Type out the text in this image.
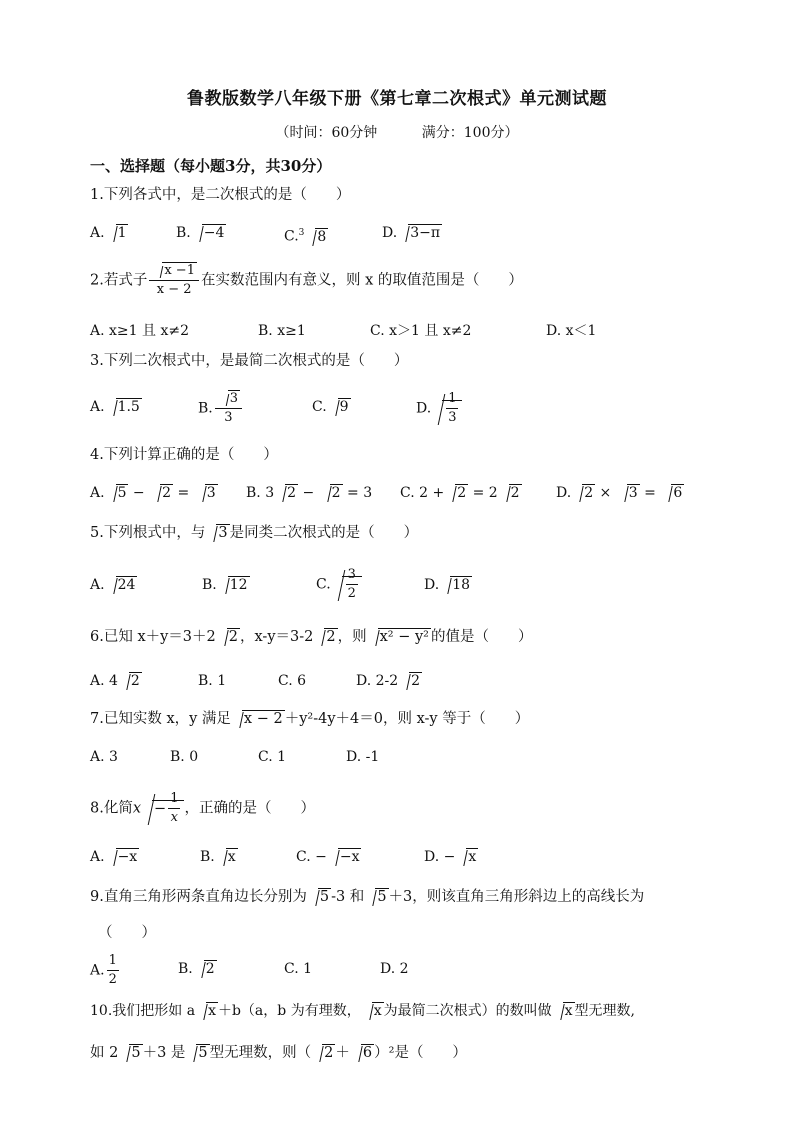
鲁教版数学八年级下册《第七章二次根式》单元测试题
（时间：60分钟	满分：100分）
一、选择题（每小题3分，共30分）
1.下列各式中，是二次根式的是（　　）
A. 1	B. −4	C.$^3$ 8	D. 3−π
2.若式子 $\frac{x -1}{x - 2}$ 在实数范围内有意义，则 x 的取值范围是（　　）
A. x≥1 且 x≠2	B. x≥1	C. x＞1 且 x≠2	D. x＜1
3.下列二次根式中，是最简二次根式的是（　　）
A. 1.5	B. $\frac{3}{3}$	C. 9	D. $\frac{1}{3}$
4.下列计算正确的是（　　）
A. 5 − 2 = 3 B. 3 2 − 2 = 3 C. 2 + 2 = 2 2	D. 2 × 3 = 6
5.下列根式中，与 3 是同类二次根式的是（　　）
A. 24	B. 12	C. $\frac{3}{2}$	D. 18
6.已知 x＋y＝3＋2 2 ，x-y＝3-2 2 ，则 x² − y² 的值是（　　）
A. 4 2	B. 1	C. 6	D. 2-2 2
7.已知实数 x，y 满足 x − 2 ＋y²-4y＋4＝0，则 x-y 等于（　　）
A. 3	B. 0	C. 1	D. -1
8.化简$x - \frac{1}{x}$ ，正确的是（　　）
A. −x	B. x	C. − −x	D. − x
9.直角三角形两条直角边长分别为 5 -3 和 5 ＋3，则该直角三角形斜边上的高线长为
（　　）
A. $\frac{1}{2}$	B. 2	C. 1	D. 2
10.我们把形如 a x ＋b（a，b 为有理数， x 为最简二次根式）的数叫做 x 型无理数,
如 2 5 ＋3 是 5 型无理数，则（ 2 ＋ 6 ）²是（　　）
